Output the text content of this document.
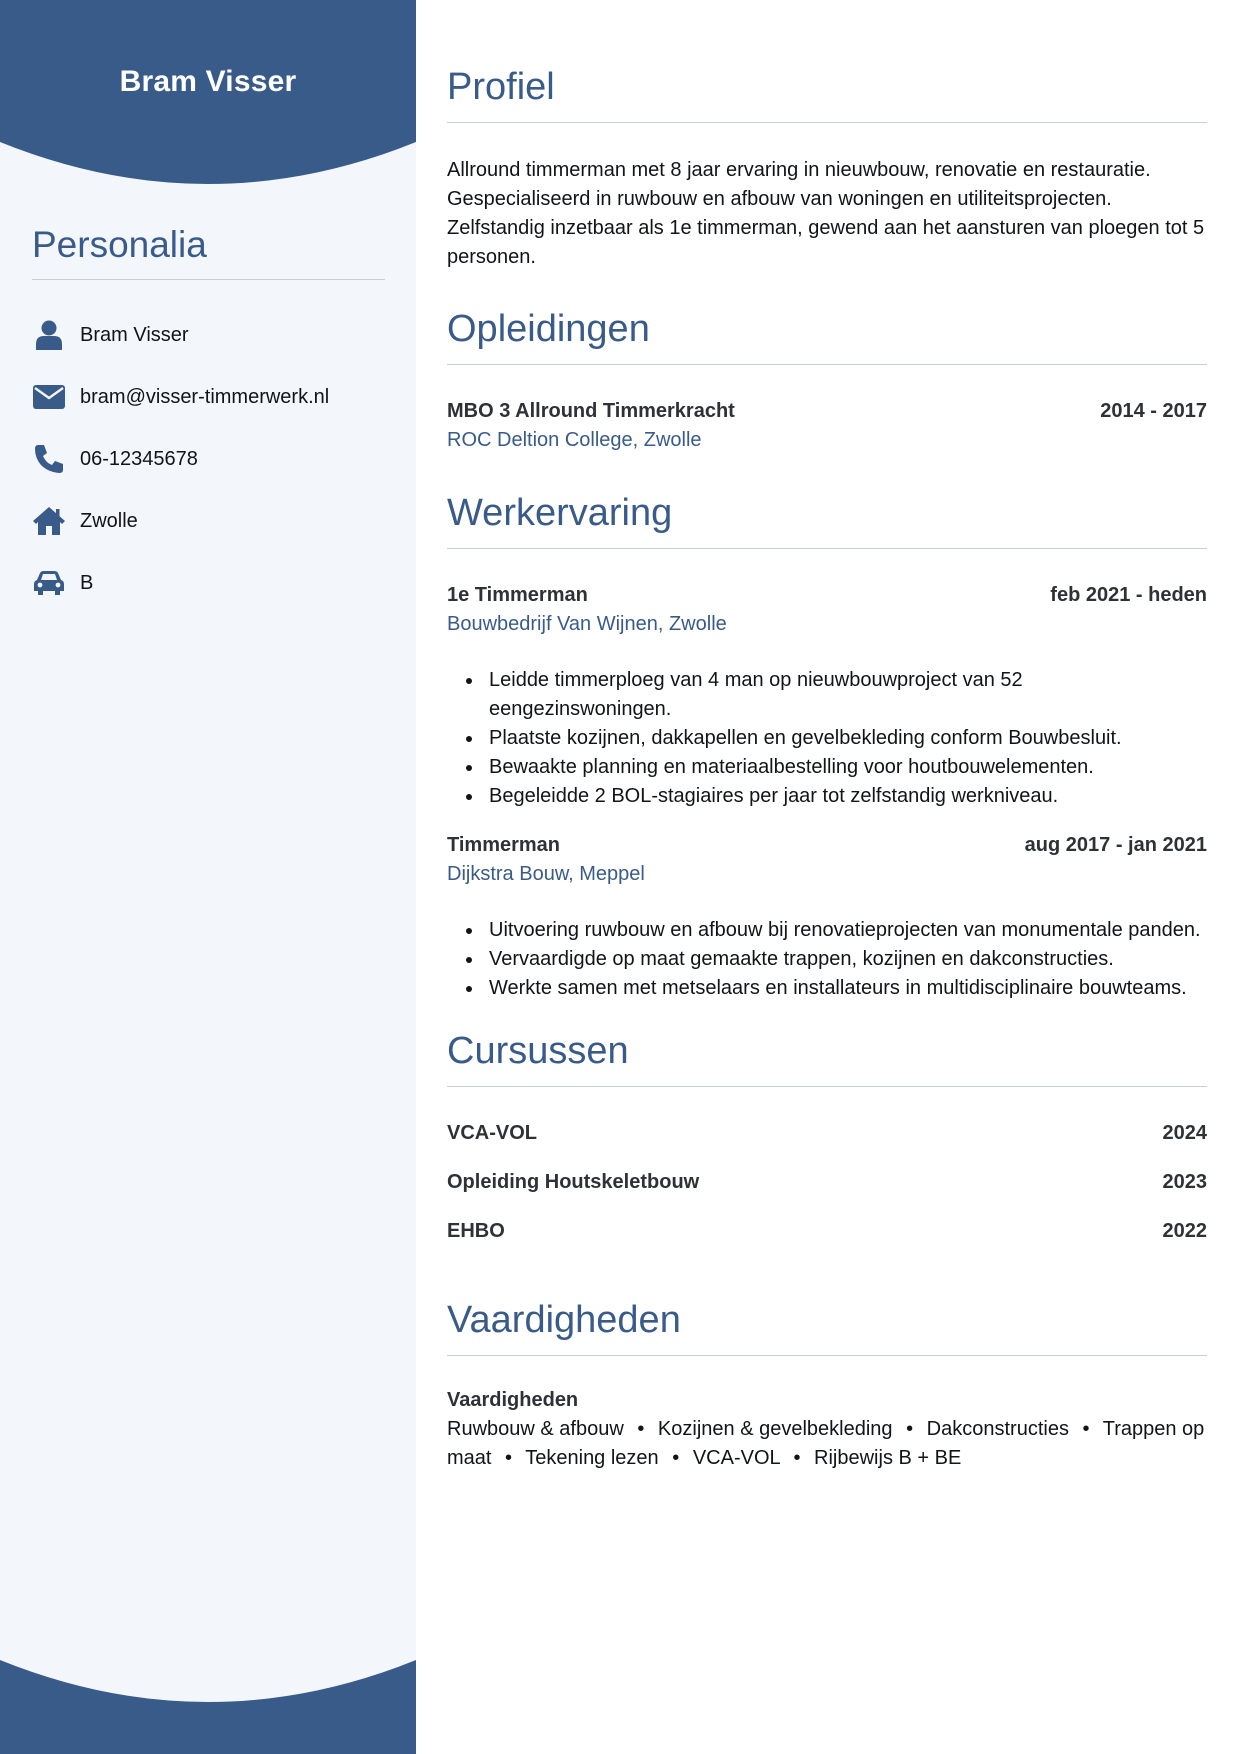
Bram Visser
Personalia
Bram Visser
bram@visser-timmerwerk.nl
06-12345678
Zwolle
B
Profiel

Allround timmerman met 8 jaar ervaring in nieuwbouw, renovatie en restauratie. Gespecialiseerd in ruwbouw en afbouw van woningen en utiliteitsprojecten. Zelfstandig inzetbaar als 1e timmerman, gewend aan het aansturen van ploegen tot 5 personen.

Opleidingen
MBO 3 Allround Timmerkracht	2014 - 2017
ROC Deltion College, Zwolle
Werkervaring
1e Timmerman	feb 2021 - heden
Bouwbedrijf Van Wijnen, Zwolle
Leidde timmerploeg van 4 man op nieuwbouwproject van 52 eengezinswoningen.
Plaatste kozijnen, dakkapellen en gevelbekleding conform Bouwbesluit.
Bewaakte planning en materiaalbestelling voor houtbouwelementen.
Begeleidde 2 BOL-stagiaires per jaar tot zelfstandig werkniveau.
Timmerman	aug 2017 - jan 2021
Dijkstra Bouw, Meppel
Uitvoering ruwbouw en afbouw bij renovatieprojecten van monumentale panden.
Vervaardigde op maat gemaakte trappen, kozijnen en dakconstructies.
Werkte samen met metselaars en installateurs in multidisciplinaire bouwteams.
Cursussen
VCA-VOL	2024
Opleiding Houtskeletbouw	2023
EHBO	2022
Vaardigheden
Vaardigheden
Ruwbouw & afbouw • Kozijnen & gevelbekleding • Dakconstructies • Trappen op maat • Tekening lezen • VCA-VOL • Rijbewijs B + BE
